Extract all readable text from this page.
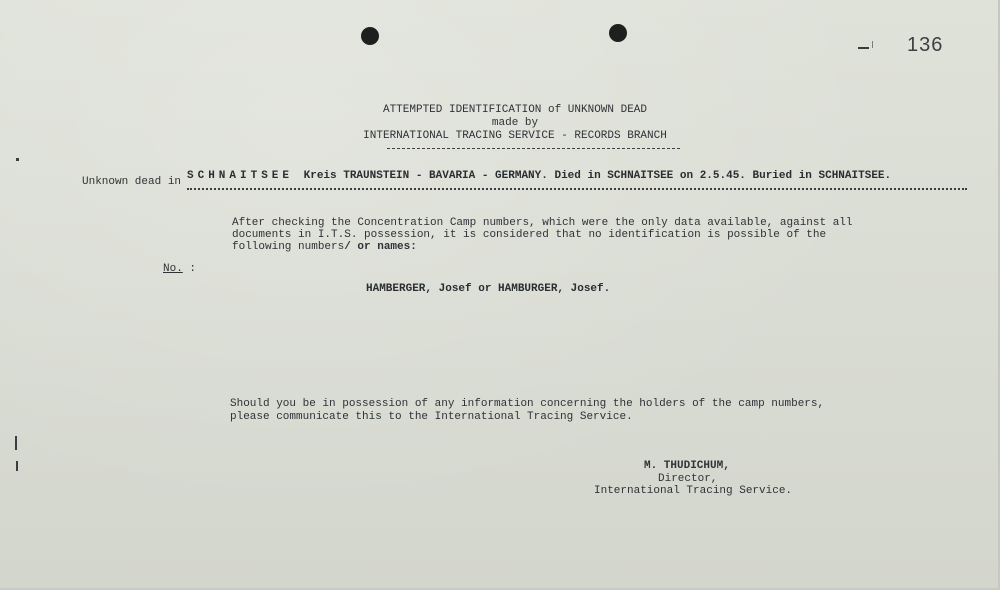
136
ATTEMPTED IDENTIFICATION of UNKNOWN DEAD
made by
INTERNATIONAL TRACING SERVICE - RECORDS BRANCH
Unknown dead in SCHNAITSEE Kreis TRAUNSTEIN - BAVARIA - GERMANY. Died in SCHNAITSEE on 2.5.45. Buried in SCHNAITSEE.
After checking the Concentration Camp numbers, which were the only data available, against all
documents in I.T.S. possession, it is considered that no identification is possible of the
following numbers/ or names:
No. :
HAMBERGER, Josef or HAMBURGER, Josef.
Should you be in possession of any information concerning the holders of the camp numbers,
please communicate this to the International Tracing Service.
M. THUDICHUM,
Director,
International Tracing Service.
